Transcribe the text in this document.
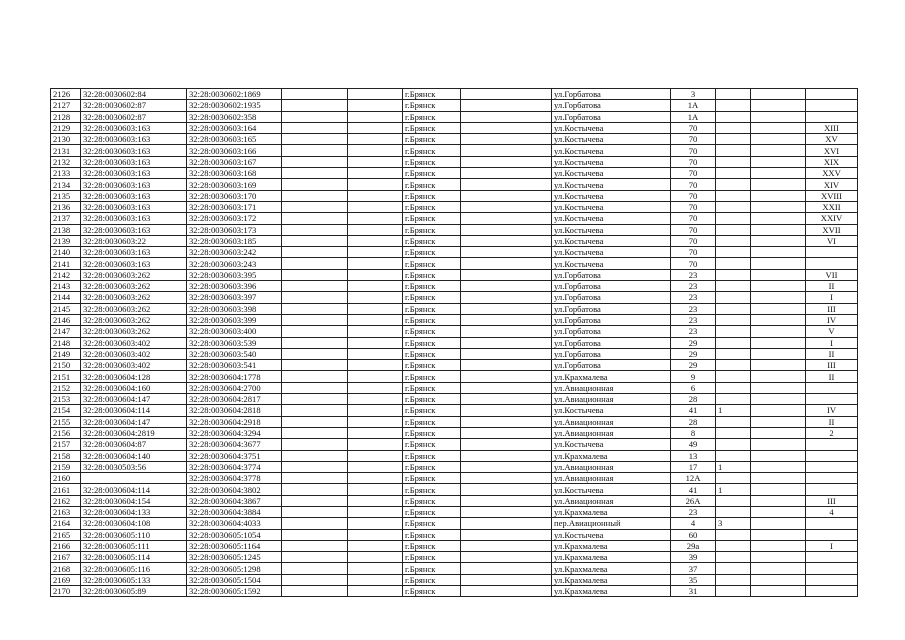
2126	32:28:0030602:84	32:28:0030602:1869			г.Брянск		ул.Горбатова	3			
2127	32:28:0030602:87	32:28:0030602:1935			г.Брянск		ул.Горбатова	1А			
2128	32:28:0030602:87	32:28:0030602:358			г.Брянск		ул.Горбатова	1А			
2129	32:28:0030603:163	32:28:0030603:164			г.Брянск		ул.Костычева	70			XIII
2130	32:28:0030603:163	32:28:0030603:165			г.Брянск		ул.Костычева	70			XV
2131	32:28:0030603:163	32:28:0030603:166			г.Брянск		ул.Костычева	70			XVI
2132	32:28:0030603:163	32:28:0030603:167			г.Брянск		ул.Костычева	70			XIX
2133	32:28:0030603:163	32:28:0030603:168			г.Брянск		ул.Костычева	70			XXV
2134	32:28:0030603:163	32:28:0030603:169			г.Брянск		ул.Костычева	70			XIV
2135	32:28:0030603:163	32:28:0030603:170			г.Брянск		ул.Костычева	70			XVIII
2136	32:28:0030603:163	32:28:0030603:171			г.Брянск		ул.Костычева	70			XXII
2137	32:28:0030603:163	32:28:0030603:172			г.Брянск		ул.Костычева	70			XXIV
2138	32:28:0030603:163	32:28:0030603:173			г.Брянск		ул.Костычева	70			XVII
2139	32:28:0030603:22	32:28:0030603:185			г.Брянск		ул.Костычева	70			VI
2140	32:28:0030603:163	32:28:0030603:242			г.Брянск		ул.Костычева	70			
2141	32:28:0030603:163	32:28:0030603:243			г.Брянск		ул.Костычева	70			
2142	32:28:0030603:262	32:28:0030603:395			г.Брянск		ул.Горбатова	23			VII
2143	32:28:0030603:262	32:28:0030603:396			г.Брянск		ул.Горбатова	23			II
2144	32:28:0030603:262	32:28:0030603:397			г.Брянск		ул.Горбатова	23			I
2145	32:28:0030603:262	32:28:0030603:398			г.Брянск		ул.Горбатова	23			III
2146	32:28:0030603:262	32:28:0030603:399			г.Брянск		ул.Горбатова	23			IV
2147	32:28:0030603:262	32:28:0030603:400			г.Брянск		ул.Горбатова	23			V
2148	32:28:0030603:402	32:28:0030603:539			г.Брянск		ул.Горбатова	29			I
2149	32:28:0030603:402	32:28:0030603:540			г.Брянск		ул.Горбатова	29			II
2150	32:28:0030603:402	32:28:0030603:541			г.Брянск		ул.Горбатова	29			III
2151	32:28:0030604:128	32:28:0030604:1778			г.Брянск		ул.Крахмалева	9			II
2152	32:28:0030604:160	32:28:0030604:2700			г.Брянск		ул.Авиационная	6			
2153	32:28:0030604:147	32:28:0030604:2817			г.Брянск		ул.Авиационная	28			
2154	32:28:0030604:114	32:28:0030604:2818			г.Брянск		ул.Костычева	41	1		IV
2155	32:28:0030604:147	32:28:0030604:2918			г.Брянск		ул.Авиационная	28			II
2156	32:28:0030604:2819	32:28:0030604:3294			г.Брянск		ул.Авиационная	8			2
2157	32:28:0030604:87	32:28:0030604:3677			г.Брянск		ул.Костычева	49			
2158	32:28:0030604:140	32:28:0030604:3751			г.Брянск		ул.Крахмалева	13			
2159	32:28:0030503:56	32:28:0030604:3774			г.Брянск		ул.Авиационная	17	1		
2160		32:28:0030604:3778			г.Брянск		ул.Авиационная	12А			
2161	32:28:0030604:114	32:28:0030604:3802			г.Брянск		ул.Костычева	41	1		
2162	32:28:0030604:154	32:28:0030604:3867			г.Брянск		ул.Авиационная	26А			III
2163	32:28:0030604:133	32:28:0030604:3884			г.Брянск		ул.Крахмалева	23			4
2164	32:28:0030604:108	32:28:0030604:4033			г.Брянск		пер.Авиационный	4	3		
2165	32:28:0030605:110	32:28:0030605:1054			г.Брянск		ул.Костычева	60			
2166	32:28:0030605:111	32:28:0030605:1164			г.Брянск		ул.Крахмалева	29а			I
2167	32:28:0030605:114	32:28:0030605:1245			г.Брянск		ул.Крахмалева	39			
2168	32:28:0030605:116	32:28:0030605:1298			г.Брянск		ул.Крахмалева	37			
2169	32:28:0030605:133	32:28:0030605:1504			г.Брянск		ул.Крахмалева	35			
2170	32:28:0030605:89	32:28:0030605:1592			г.Брянск		ул.Крахмалева	31			
